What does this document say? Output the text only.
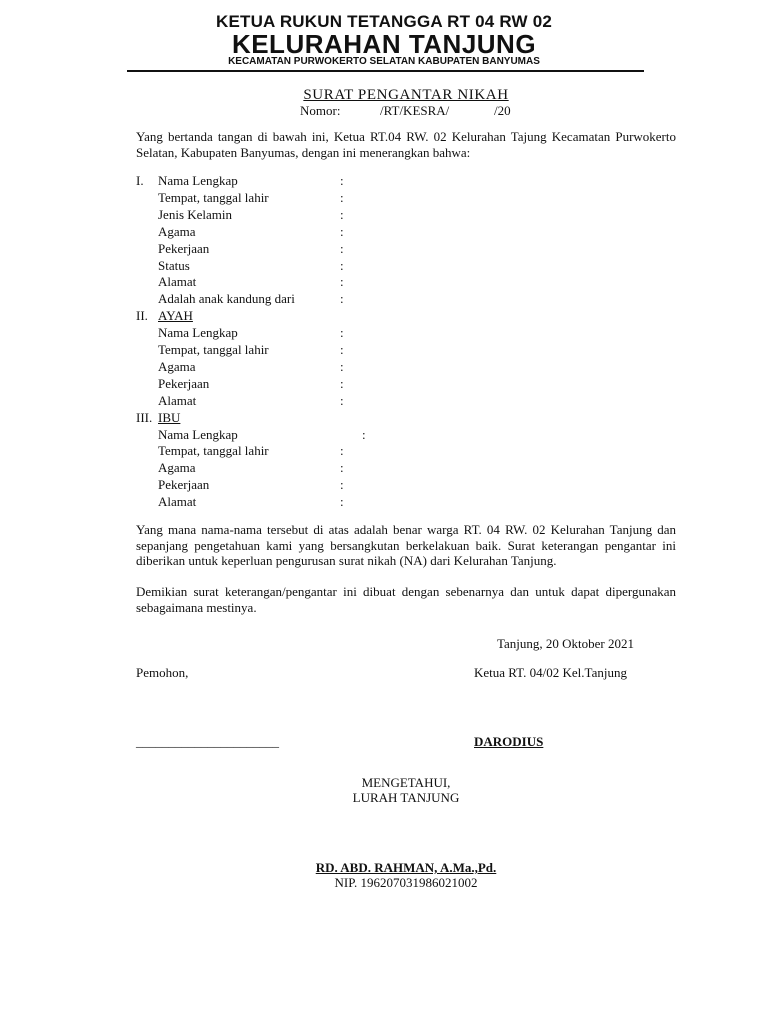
KETUA RUKUN TETANGGA RT 04 RW 02
KELURAHAN TANJUNG
KECAMATAN PURWOKERTO SELATAN KABUPATEN BANYUMAS
SURAT PENGANTAR NIKAH
Nomor:	/RT/KESRA/	/20
Yang bertanda tangan di bawah ini, Ketua RT.04 RW. 02 Kelurahan Tajung Kecamatan Purwokerto Selatan, Kabupaten Banyumas, dengan ini menerangkan bahwa:
I. Nama Lengkap	:
Tempat, tanggal lahir	:
Jenis Kelamin	:
Agama	:
Pekerjaan	:
Status	:
Alamat	:
Adalah anak kandung dari	:
II. AYAH
Nama Lengkap	:
Tempat, tanggal lahir	:
Agama	:
Pekerjaan	:
Alamat	:
III. IBU
Nama Lengkap	:
Tempat, tanggal lahir	:
Agama	:
Pekerjaan	:
Alamat	:
Yang mana nama-nama tersebut di atas adalah benar warga RT. 04 RW. 02 Kelurahan Tanjung dan sepanjang pengetahuan kami yang bersangkutan berkelakuan baik. Surat keterangan pengantar ini diberikan untuk keperluan pengurusan surat nikah (NA) dari Kelurahan Tanjung.
Demikian surat keterangan/pengantar ini dibuat dengan sebenarnya dan untuk dapat dipergunakan sebagaimana mestinya.
Tanjung, 20 Oktober 2021
Pemohon,	Ketua RT. 04/02 Kel.Tanjung
______________________	DARODIUS
MENGETAHUI,
LURAH TANJUNG
RD. ABD. RAHMAN, A.Ma.,Pd.
NIP. 196207031986021002
